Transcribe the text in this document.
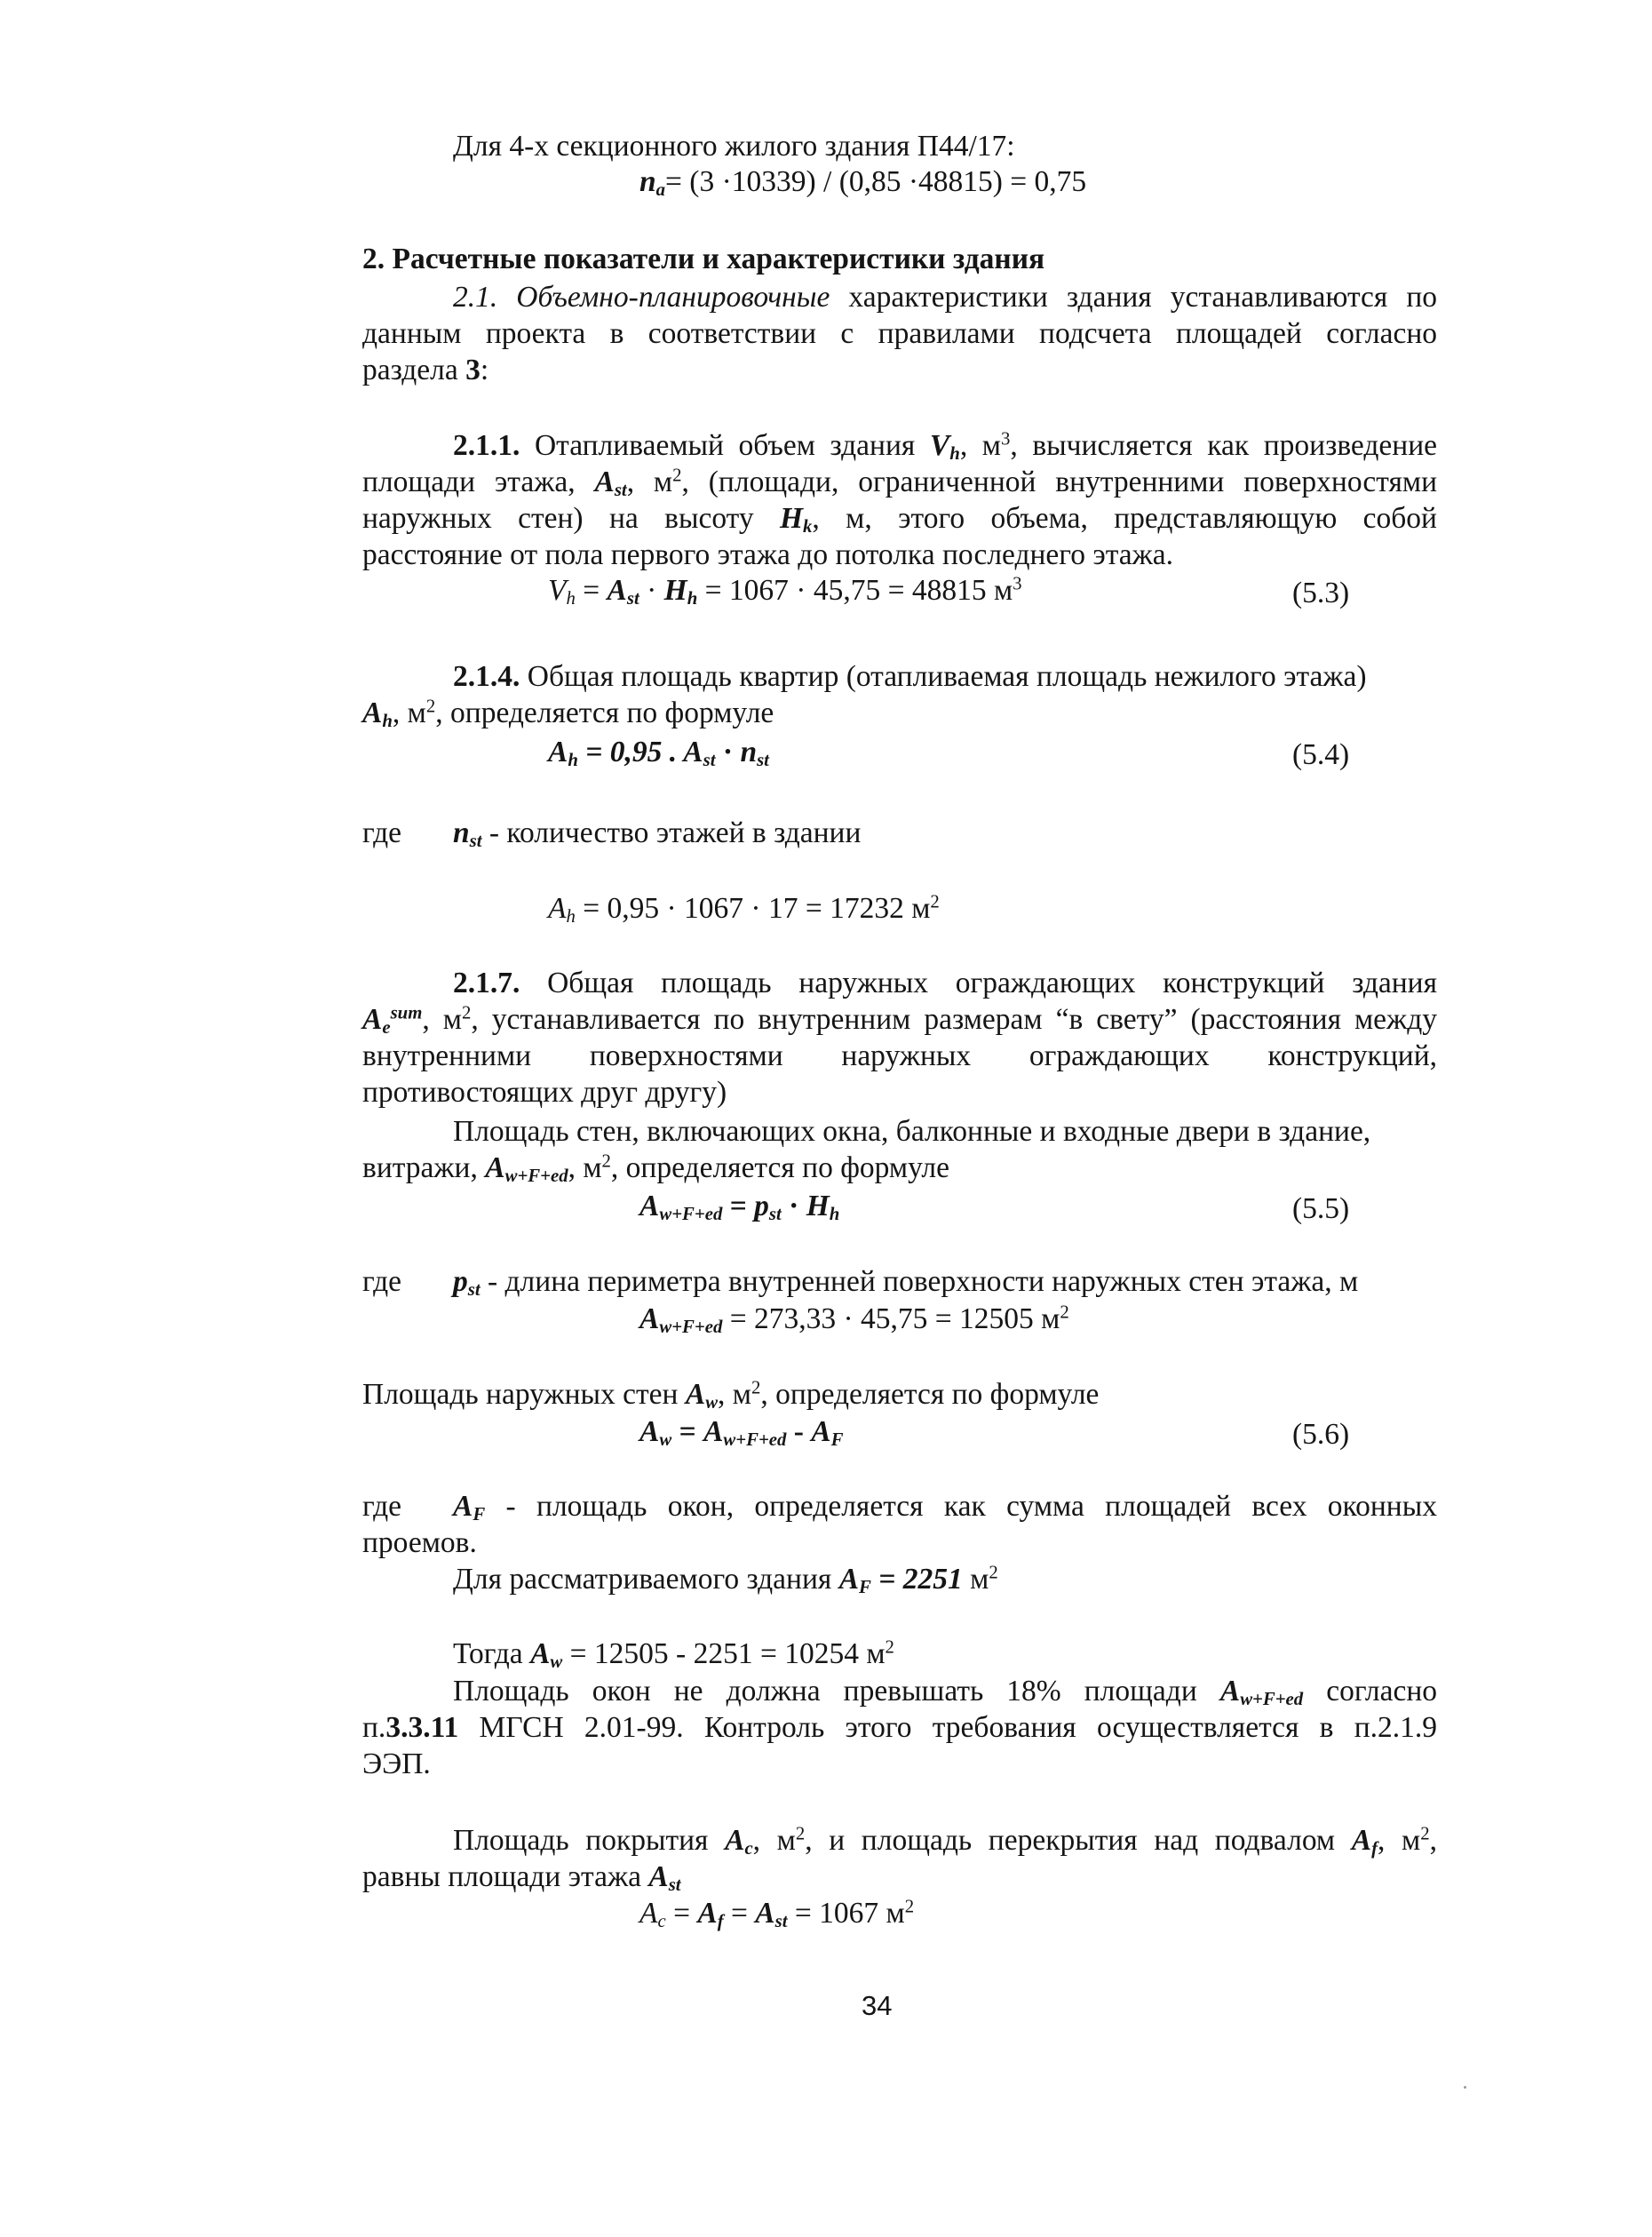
Для 4-х секционного жилого здания П44/17:
$n_a= (3 \cdot 10339) / (0,85 \cdot 48815) = 0,75$
2. Расчетные показатели и характеристики здания
2.1. Объемно-планировочные характеристики здания устанавливаются по
данным проекта в соответствии с правилами подсчета площадей согласно
раздела 3:
2.1.1. Отапливаемый объем здания $V_h$, $м^3$, вычисляется как произведение
площади этажа, $A_{st}$, $м^2$, (площади, ограниченной внутренними поверхностями
наружных стен) на высоту $H_k$, м, этого объема, представляющую собой
расстояние от пола первого этажа до потолка последнего этажа.
$V_h = A_{st} \cdot H_h = 1067 \cdot 45,75 = 48815$ $м^3$	(5.3)
2.1.4. Общая площадь квартир (отапливаемая площадь нежилого этажа)
$A_h$, $м^2$, определяется по формуле
$A_h = 0,95$ . $A_{st} \cdot n_{st}$	(5.4)
где $n_{st}$ - количество этажей в здании
$A_h = 0,95 \cdot 1067 \cdot 17 = 17232$ $м^2$
2.1.7. Общая площадь наружных ограждающих конструкций здания
$A_e^{sum}$, $м^2$, устанавливается по внутренним размерам “в свету” (расстояния между
внутренними поверхностями наружных ограждающих конструкций,
противостоящих друг другу)
Площадь стен, включающих окна, балконные и входные двери в здание,
витражи, $A_{w+F+ed}$, $м^2$, определяется по формуле
$A_{w+F+ed} = p_{st} \cdot H_h$	(5.5)
где $p_{st}$ - длина периметра внутренней поверхности наружных стен этажа, м
$A_{w+F+ed} = 273,33 \cdot 45,75 = 12505$ $м^2$
Площадь наружных стен $A_w$, $м^2$, определяется по формуле
$A_w = A_{w+F+ed} - A_F$	(5.6)
где $A_F$ - площадь окон, определяется как сумма площадей всех оконных
проемов.
Для рассматриваемого здания $A_F = 2251$ $м^2$
Тогда $A_w = 12505 - 2251 = 10254$ $м^2$
Площадь окон не должна превышать 18% площади $A_{w+F+ed}$ согласно
п.3.3.11 МГСН 2.01-99. Контроль этого требования осуществляется в п.2.1.9
ЭЭП.
Площадь покрытия $A_c$, $м^2$, и площадь перекрытия над подвалом $A_f$, $м^2$,
равны площади этажа $A_{st}$
$A_c = A_f = A_{st} = 1067$ $м^2$
34
